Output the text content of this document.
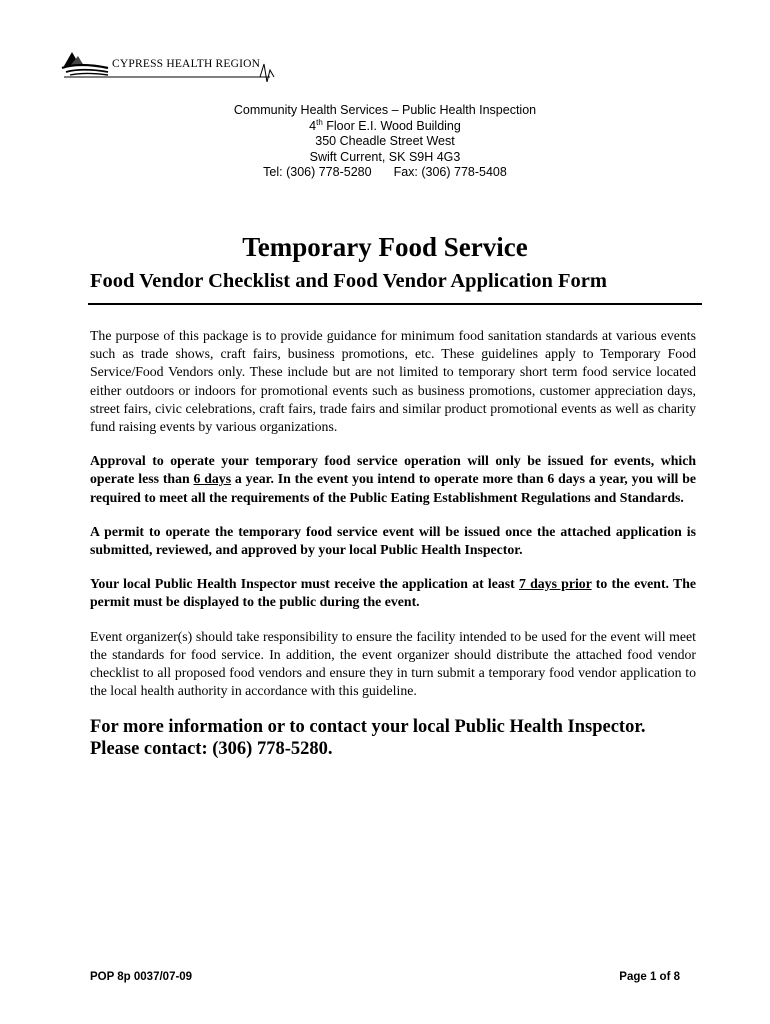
CYPRESS HEALTH REGION
Community Health Services – Public Health Inspection
4th Floor E.I. Wood Building
350 Cheadle Street West
Swift Current, SK S9H 4G3
Tel: (306) 778-5280 Fax: (306) 778-5408
Temporary Food Service
Food Vendor Checklist and Food Vendor Application Form

The purpose of this package is to provide guidance for minimum food sanitation standards at various events such as trade shows, craft fairs, business promotions, etc. These guidelines apply to Temporary Food Service/Food Vendors only. These include but are not limited to temporary short term food service located either outdoors or indoors for promotional events such as business promotions, customer appreciation days, street fairs, civic celebrations, craft fairs, trade fairs and similar product promotional events as well as charity fund raising events by various organizations.

Approval to operate your temporary food service operation will only be issued for events, which operate less than 6 days a year. In the event you intend to operate more than 6 days a year, you will be required to meet all the requirements of the Public Eating Establishment Regulations and Standards.

A permit to operate the temporary food service event will be issued once the attached application is submitted, reviewed, and approved by your local Public Health Inspector.

Your local Public Health Inspector must receive the application at least 7 days prior to the event. The permit must be displayed to the public during the event.

Event organizer(s) should take responsibility to ensure the facility intended to be used for the event will meet the standards for food service. In addition, the event organizer should distribute the attached food vendor checklist to all proposed food vendors and ensure they in turn submit a temporary food vendor application to the local health authority in accordance with this guideline.

For more information or to contact your local Public Health Inspector.
Please contact: (306) 778-5280.

POP 8p 0037/07-09	Page 1 of 8
